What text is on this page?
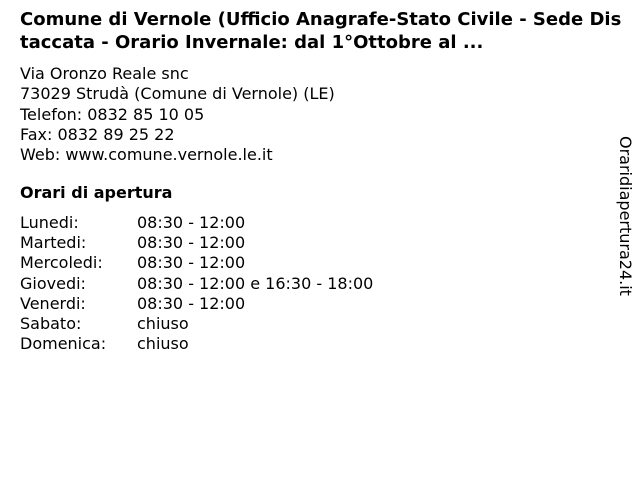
Comune di Vernole (Ufficio Anagrafe-Stato Civile - Sede Distaccata - Orario Invernale: dal 1°Ottobre al ...
Via Oronzo Reale snc
73029 Strudà (Comune di Vernole) (LE)
Telefon: 0832 85 10 05
Fax: 0832 89 25 22
Web: www.comune.vernole.le.it
Orari di apertura
Lunedi:	08:30 - 12:00
Martedi:	08:30 - 12:00
Mercoledi:	08:30 - 12:00
Giovedi:	08:30 - 12:00 e 16:30 - 18:00
Venerdi:	08:30 - 12:00
Sabato:	chiuso
Domenica:	chiuso
Oraridiapertura24.it
